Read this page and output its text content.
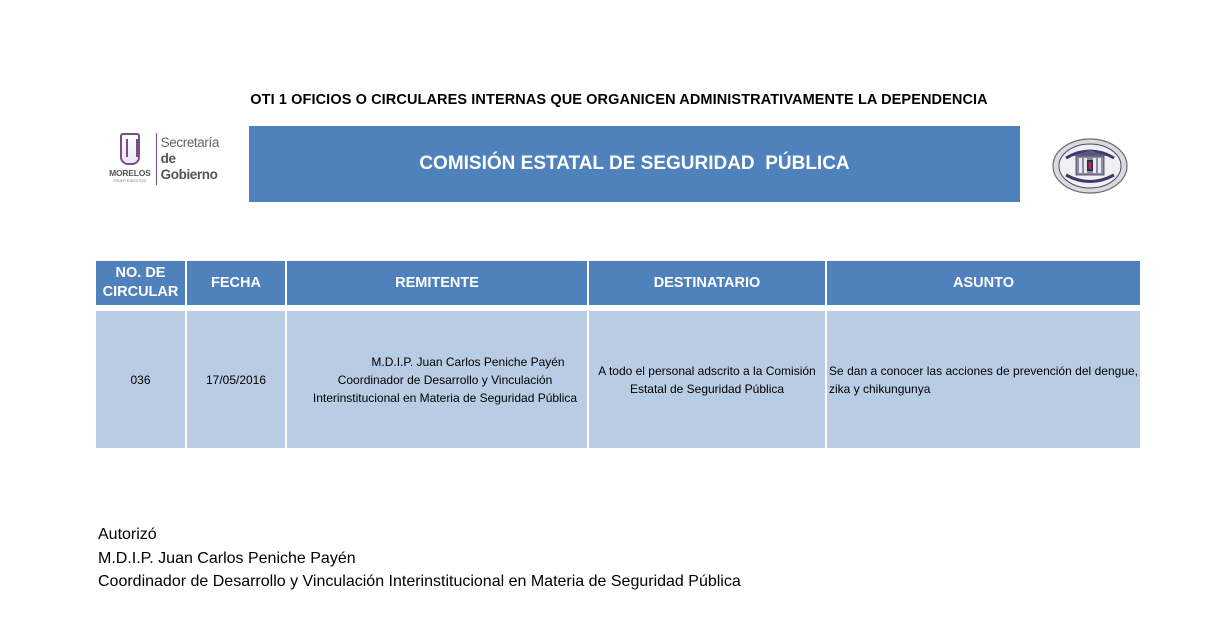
OTI 1 OFICIOS O CIRCULARES INTERNAS QUE ORGANICEN ADMINISTRATIVAMENTE LA DEPENDENCIA
MORELOS
PODER EJECUTIVO
Secretaría
de Gobierno
COMISIÓN ESTATAL DE SEGURIDAD  PÚBLICA
NO. DE
CIRCULAR	FECHA	REMITENTE	DESTINATARIO	ASUNTO

036	17/05/2016	M.D.I.P. Juan Carlos Peniche Payén
Coordinador de Desarrollo y Vinculación
Interinstitucional en Materia de Seguridad Pública	A todo el personal adscrito a la Comisión Estatal de Seguridad Pública	Se dan a conocer las acciones de prevención del dengue, zika y chikungunya
Autorizó
M.D.I.P. Juan Carlos Peniche Payén
Coordinador de Desarrollo y Vinculación Interinstitucional en Materia de Seguridad Pública
